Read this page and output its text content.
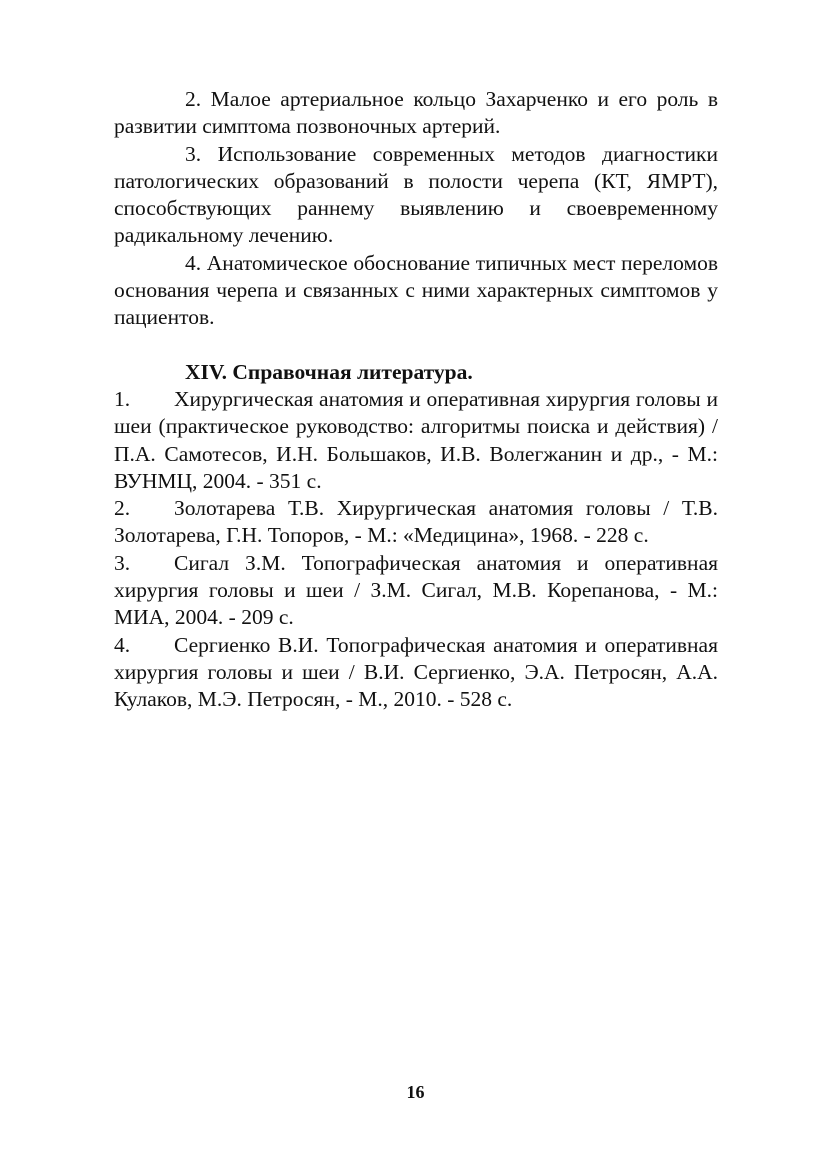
2. Малое артериальное кольцо Захарченко и его роль в развитии симптома позвоночных артерий.

3. Использование современных методов диагностики патологических образований в полости черепа (КТ, ЯМРТ), способствующих раннему выявлению и своевременному радикальному лечению.

4. Анатомическое обоснование типичных мест переломов основания черепа и связанных с ними характерных симптомов у пациентов.

XIV. Справочная литература.

1. Хирургическая анатомия и оперативная хирургия головы и шеи (практическое руководство: алгоритмы поиска и действия) / П.А. Самотесов, И.Н. Большаков, И.В. Волегжанин и др., - М.: ВУНМЦ, 2004. - 351 с.

2. Золотарева Т.В. Хирургическая анатомия головы / Т.В. Золотарева, Г.Н. Топоров, - М.: «Медицина», 1968. - 228 с.

3. Сигал З.М. Топографическая анатомия и оперативная хирургия головы и шеи / З.М. Сигал, М.В. Корепанова, - М.: МИА, 2004. - 209 с.

4. Сергиенко В.И. Топографическая анатомия и оперативная хирургия головы и шеи / В.И. Сергиенко, Э.А. Петросян, А.А. Кулаков, М.Э. Петросян, - М., 2010. - 528 с.

16
